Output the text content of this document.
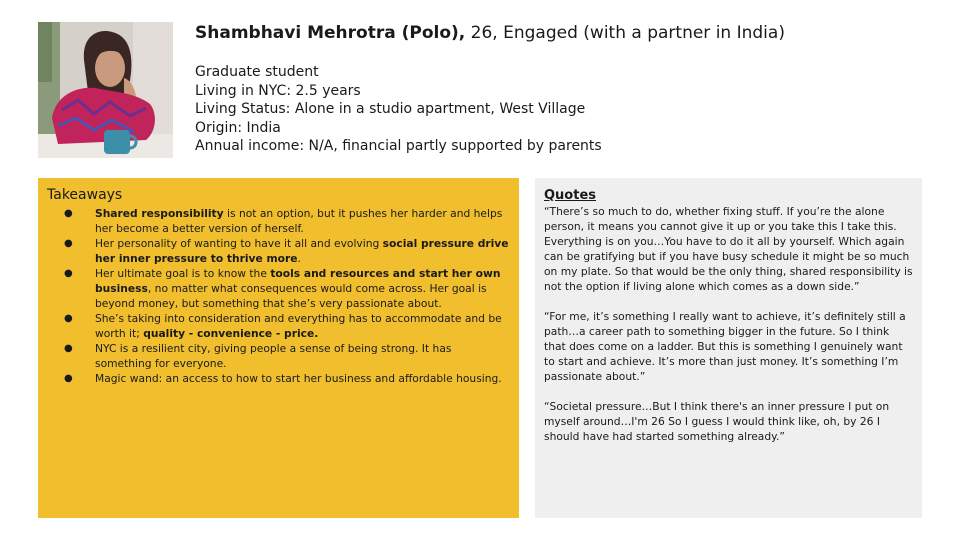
Shambhavi Mehrotra (Polo), 26, Engaged (with a partner in India)
Graduate student
Living in NYC: 2.5 years
Living Status: Alone in a studio apartment, West Village
Origin: India
Annual income: N/A, financial partly supported by parents
Takeaways
● Shared responsibility is not an option, but it pushes her harder and helps her become a better version of herself.
● Her personality of wanting to have it all and evolving social pressure drive her inner pressure to thrive more.
● Her ultimate goal is to know the tools and resources and start her own business, no matter what consequences would come across. Her goal is beyond money, but something that she’s very passionate about.
● She’s taking into consideration and everything has to accommodate and be worth it; quality - convenience - price.
● NYC is a resilient city, giving people a sense of being strong. It has something for everyone.
● Magic wand: an access to how to start her business and affordable housing.
Quotes

“There’s so much to do, whether fixing stuff. If you’re the alone person, it means you cannot give it up or you take this I take this. Everything is on you…You have to do it all by yourself. Which again can be gratifying but if you have busy schedule it might be so much on my plate. So that would be the only thing, shared responsibility is not the option if living alone which comes as a down side.”

“For me, it’s something I really want to achieve, it’s definitely still a path…a career path to something bigger in the future. So I think that does come on a ladder. But this is something I genuinely want to start and achieve. It’s more than just money. It’s something I’m passionate about.”

“Societal pressure…But I think there's an inner pressure I put on myself around…I'm 26 So I guess I would think like, oh, by 26 I should have had started something already.”
